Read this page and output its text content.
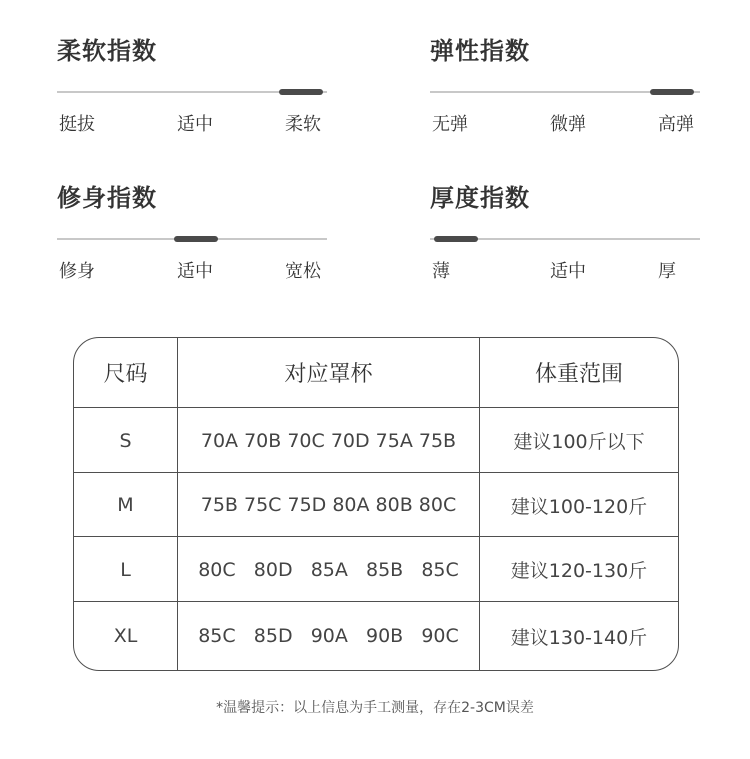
柔软指数
挺拔	适中	柔软
弹性指数
无弹	微弹	高弹
修身指数
修身	适中	宽松
厚度指数
薄	适中	厚
尺码	对应罩杯	体重范围
S	70A 70B 70C 70D 75A 75B	建议100斤以下
M	75B 75C 75D 80A 80B 80C	建议100-120斤
L	80C   80D   85A   85B   85C	建议120-130斤
XL	85C   85D   90A   90B   90C	建议130-140斤
*温馨提示：以上信息为手工测量，存在2-3CM误差
